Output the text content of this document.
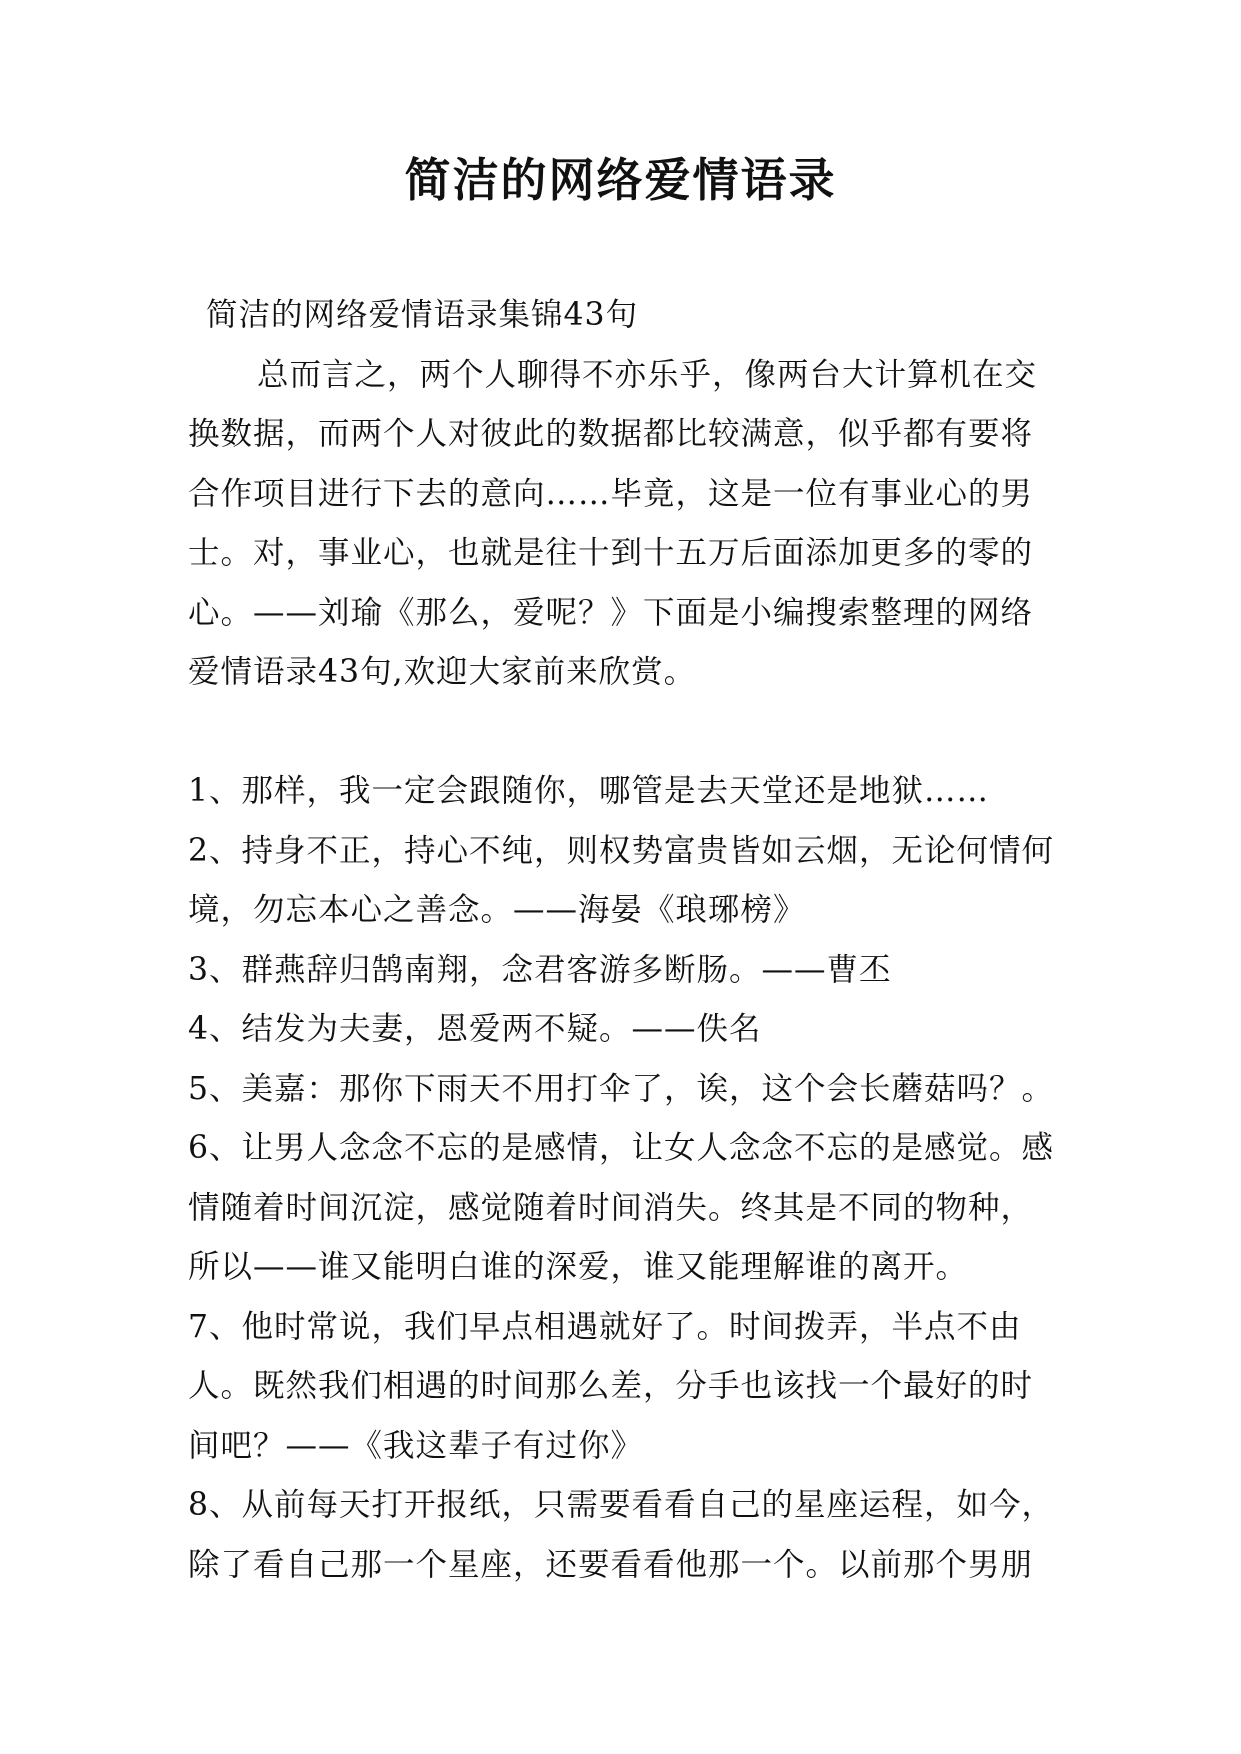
简洁的网络爱情语录

简洁的网络爱情语录集锦43句

总而言之，两个人聊得不亦乐乎，像两台大计算机在交换数据，而两个人对彼此的数据都比较满意，似乎都有要将合作项目进行下去的意向……毕竟，这是一位有事业心的男士。对，事业心，也就是往十到十五万后面添加更多的零的心。——刘瑜《那么，爱呢？》下面是小编搜索整理的网络爱情语录43句,欢迎大家前来欣赏。

1、那样，我一定会跟随你，哪管是去天堂还是地狱……

2、持身不正，持心不纯，则权势富贵皆如云烟，无论何情何境，勿忘本心之善念。——海晏《琅琊榜》

3、群燕辞归鹄南翔，念君客游多断肠。——曹丕

4、结发为夫妻，恩爱两不疑。——佚名

5、美嘉：那你下雨天不用打伞了，诶，这个会长蘑菇吗？。

6、让男人念念不忘的是感情，让女人念念不忘的是感觉。感情随着时间沉淀，感觉随着时间消失。终其是不同的物种，所以——谁又能明白谁的深爱，谁又能理解谁的离开。

7、他时常说，我们早点相遇就好了。时间拨弄，半点不由人。既然我们相遇的时间那么差，分手也该找一个最好的时间吧？——《我这辈子有过你》

8、从前每天打开报纸，只需要看看自己的星座运程，如今，除了看自己那一个星座，还要看看他那一个。以前那个男朋
